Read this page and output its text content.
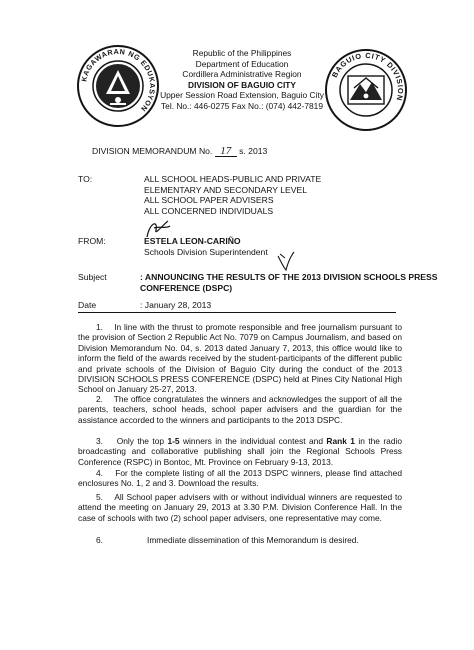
KAGAWARAN NG EDUKASYON
Republic of the Philippines
Department of Education
Cordillera Administrative Region
DIVISION OF BAGUIO CITY
Upper Session Road Extension, Baguio City
Tel. No.: 446-0275 Fax No.: (074) 442-7819
BAGUIO CITY DIVISION
DIVISION MEMORANDUM No. 17 s. 2013
TO:	ALL SCHOOL HEADS-PUBLIC AND PRIVATE
ELEMENTARY AND SECONDARY LEVEL
ALL SCHOOL PAPER ADVISERS
ALL CONCERNED INDIVIDUALS
FROM:	ESTELA LEON-CARIÑO
Schools Division Superintendent
Subject	: ANNOUNCING THE RESULTS OF THE 2013 DIVISION SCHOOLS PRESS CONFERENCE (DSPC)
Date	: January 28, 2013
1. In line with the thrust to promote responsible and free journalism pursuant to the provision of Section 2 Republic Act No. 7079 on Campus Journalism, and based on Division Memorandum No. 04, s. 2013 dated January 7, 2013, this office would like to inform the field of the awards received by the student-participants of the different public and private schools of the Division of Baguio City during the conduct of the 2013 DIVISION SCHOOLS PRESS CONFERENCE (DSPC) held at Pines City National High School on January 25-27, 2013.
2. The office congratulates the winners and acknowledges the support of all the parents, teachers, school heads, school paper advisers and the guardian for the assistance accorded to the winners and participants to the 2013 DSPC.
3. Only the top 1-5 winners in the individual contest and Rank 1 in the radio broadcasting and collaborative publishing shall join the Regional Schools Press Conference (RSPC) in Bontoc, Mt. Province on February 9-13, 2013.
4. For the complete listing of all the 2013 DSPC winners, please find attached enclosures No. 1, 2 and 3. Download the results.
5. All School paper advisers with or without individual winners are requested to attend the meeting on January 29, 2013 at 3.30 P.M. Division Conference Hall. In the case of schools with two (2) school paper advisers, one representative may come.
6.	Immediate dissemination of this Memorandum is desired.
